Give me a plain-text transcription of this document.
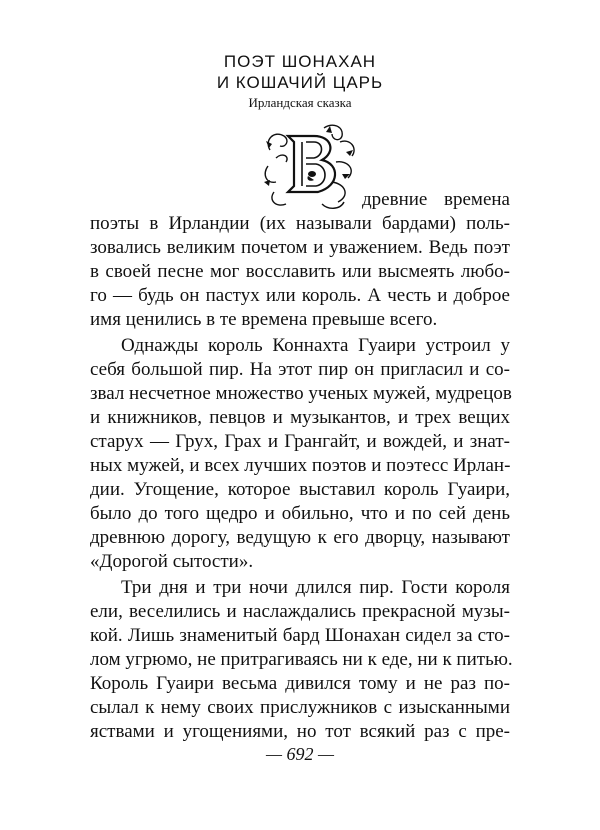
ПОЭТ ШОНАХАН
И КОШАЧИЙ ЦАРЬ
Ирландская сказка
древние времена
поэты в Ирландии (их называли бардами) поль-
зовались великим почетом и уважением. Ведь поэт
в своей песне мог восславить или высмеять любо-
го — будь он пастух или король. А честь и доброе
имя ценились в те времена превыше всего.
Однажды король Коннахта Гуаири устроил у
себя большой пир. На этот пир он пригласил и со-
звал несчетное множество ученых мужей, мудрецов
и книжников, певцов и музыкантов, и трех вещих
старух — Грух, Грах и Грангайт, и вождей, и знат-
ных мужей, и всех лучших поэтов и поэтесс Ирлан-
дии. Угощение, которое выставил король Гуаири,
было до того щедро и обильно, что и по сей день
древнюю дорогу, ведущую к его дворцу, называют
«Дорогой сытости».
Три дня и три ночи длился пир. Гости короля
ели, веселились и наслаждались прекрасной музы-
кой. Лишь знаменитый бард Шонахан сидел за сто-
лом угрюмо, не притрагиваясь ни к еде, ни к питью.
Король Гуаири весьма дивился тому и не раз по-
сылал к нему своих прислужников с изысканными
яствами и угощениями, но тот всякий раз с пре-
— 692 —
